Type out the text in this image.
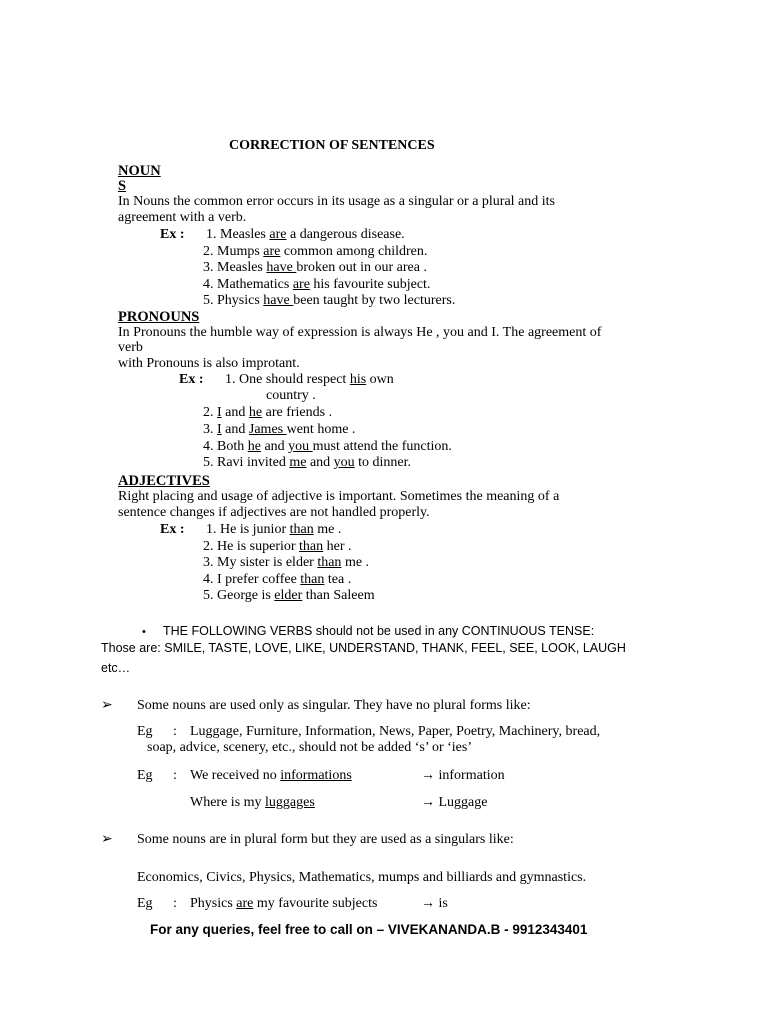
CORRECTION OF SENTENCES
NOUN
S
In Nouns the common error occurs in its usage as a singular or a plural and its
agreement with a verb.
Ex : 1. Measles are a dangerous disease.
2. Mumps are common among children.
3. Measles have broken out in our area .
4. Mathematics are his favourite subject.
5. Physics have been taught by two lecturers.
PRONOUNS
In Pronouns the humble way of expression is always He , you and I. The agreement of
verb
with Pronouns is also improtant.
Ex : 1. One should respect his own
country .
2. I and he are friends .
3. I and James went home .
4. Both he and you must attend the function.
5. Ravi invited me and you to dinner.
ADJECTIVES
Right placing and usage of adjective is important. Sometimes the meaning of a
sentence changes if adjectives are not handled properly.
Ex : 1. He is junior than me .
2. He is superior than her .
3. My sister is elder than me .
4. I prefer coffee than tea .
5. George is elder than Saleem
• THE FOLLOWING VERBS should not be used in any CONTINUOUS TENSE:
Those are: SMILE, TASTE, LOVE, LIKE, UNDERSTAND, THANK, FEEL, SEE, LOOK, LAUGH
etc…
➢ Some nouns are used only as singular. They have no plural forms like:
Eg : Luggage, Furniture, Information, News, Paper, Poetry, Machinery, bread,
soap, advice, scenery, etc., should not be added ‘s’ or ‘ies’
Eg : We received no informations	→ information
Where is my luggages	→ Luggage
➢ Some nouns are in plural form but they are used as a singulars like:
Economics, Civics, Physics, Mathematics, mumps and billiards and gymnastics.
Eg : Physics are my favourite subjects	→ is
For any queries, feel free to call on – VIVEKANANDA.B - 9912343401
